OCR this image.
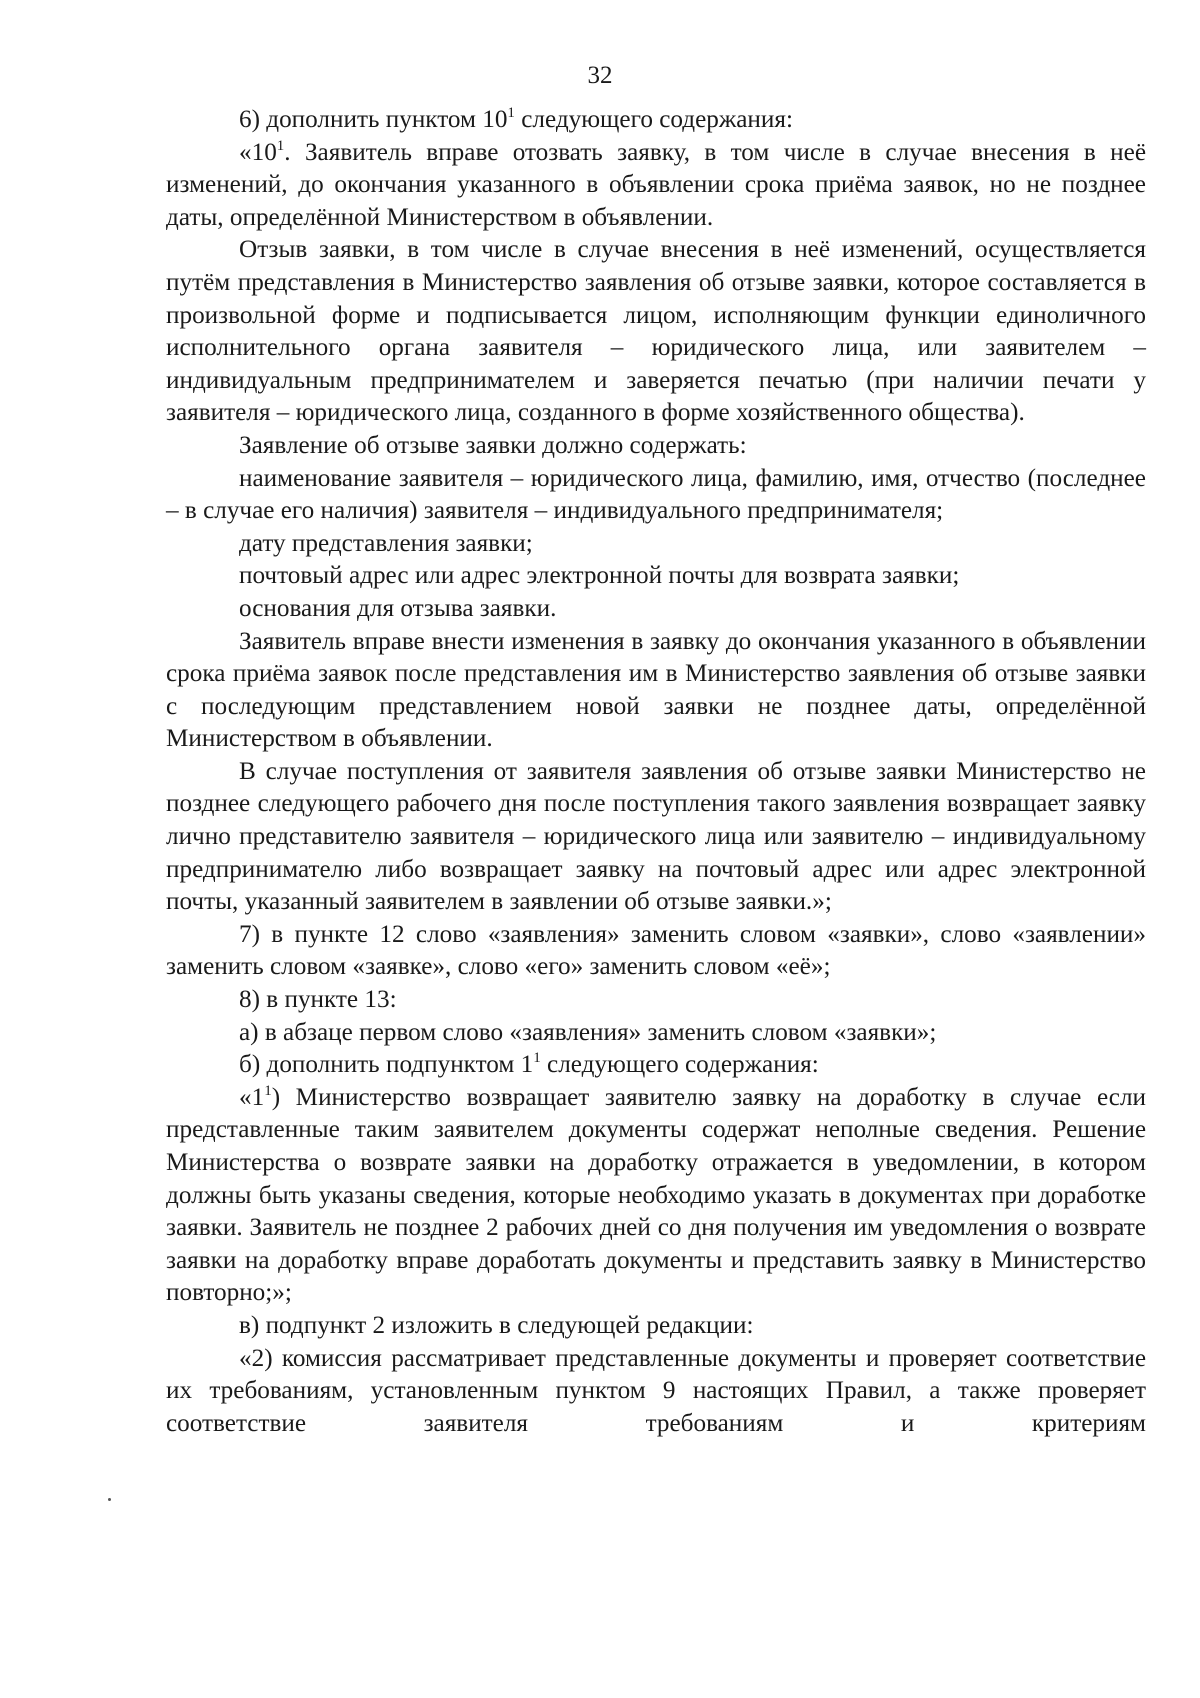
32

6) дополнить пунктом $10^1$ следующего содержания:

«$10^1$. Заявитель вправе отозвать заявку, в том числе в случае внесения в неё изменений, до окончания указанного в объявлении срока приёма заявок, но не позднее даты, определённой Министерством в объявлении.

Отзыв заявки, в том числе в случае внесения в неё изменений, осуществляется путём представления в Министерство заявления об отзыве заявки, которое составляется в произвольной форме и подписывается лицом, исполняющим функции единоличного исполнительного органа заявителя – юридического лица, или заявителем – индивидуальным предпринимателем и заверяется печатью (при наличии печати у заявителя – юридического лица, созданного в форме хозяйственного общества).

Заявление об отзыве заявки должно содержать:

наименование заявителя – юридического лица, фамилию, имя, отчество (последнее – в случае его наличия) заявителя – индивидуального предпринимателя;

дату представления заявки;

почтовый адрес или адрес электронной почты для возврата заявки;

основания для отзыва заявки.

Заявитель вправе внести изменения в заявку до окончания указанного в объявлении срока приёма заявок после представления им в Министерство заявления об отзыве заявки с последующим представлением новой заявки не позднее даты, определённой Министерством в объявлении.

В случае поступления от заявителя заявления об отзыве заявки Министерство не позднее следующего рабочего дня после поступления такого заявления возвращает заявку лично представителю заявителя – юридического лица или заявителю – индивидуальному предпринимателю либо возвращает заявку на почтовый адрес или адрес электронной почты, указанный заявителем в заявлении об отзыве заявки.»;

7) в пункте 12 слово «заявления» заменить словом «заявки», слово «заявлении» заменить словом «заявке», слово «его» заменить словом «её»;

8) в пункте 13:

а) в абзаце первом слово «заявления» заменить словом «заявки»;

б) дополнить подпунктом $1^1$ следующего содержания:

«$1^1$) Министерство возвращает заявителю заявку на доработку в случае если представленные таким заявителем документы содержат неполные сведения. Решение Министерства о возврате заявки на доработку отражается в уведомлении, в котором должны быть указаны сведения, которые необходимо указать в документах при доработке заявки. Заявитель не позднее 2 рабочих дней со дня получения им уведомления о возврате заявки на доработку вправе доработать документы и представить заявку в Министерство повторно;»;

в) подпункт 2 изложить в следующей редакции:

«2) комиссия рассматривает представленные документы и проверяет соответствие их требованиям, установленным пунктом 9 настоящих Правил, а также проверяет соответствие заявителя требованиям и критериям
